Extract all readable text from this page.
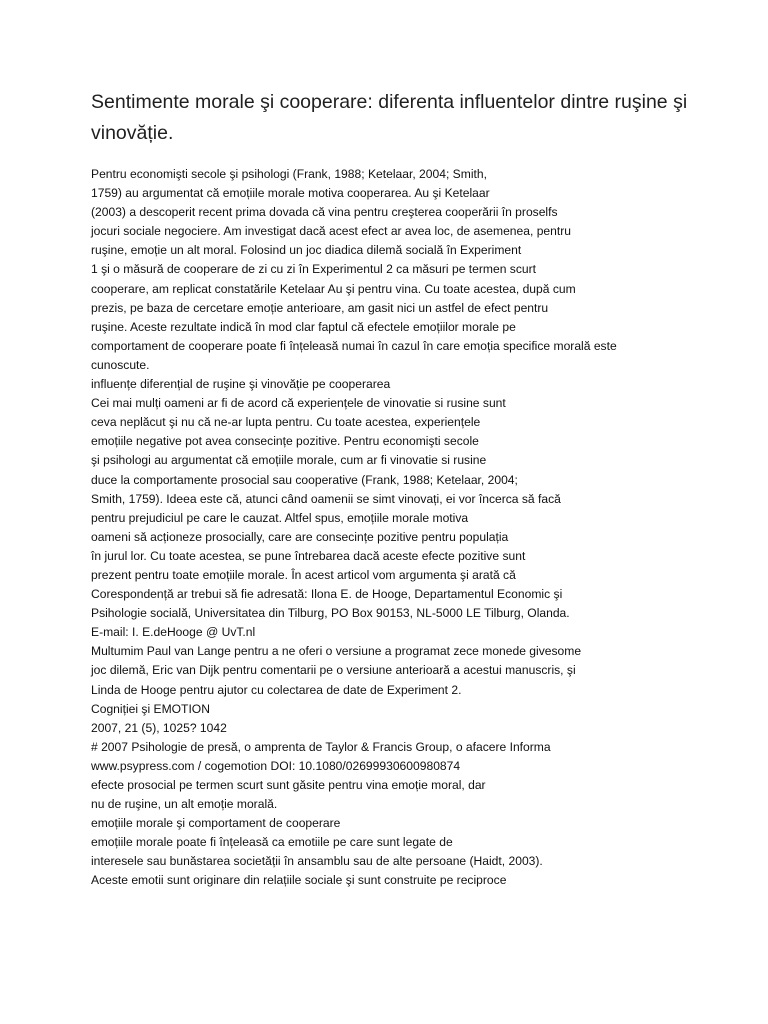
Sentimente morale şi cooperare: diferenta influentelor dintre ruşine şi vinovăție.
Pentru economişti secole şi psihologi (Frank, 1988; Ketelaar, 2004; Smith,
1759) au argumentat că emoțiile morale motiva cooperarea. Au şi Ketelaar
(2003) a descoperit recent prima dovada că vina pentru creşterea cooperării în proselfs
jocuri sociale negociere. Am investigat dacă acest efect ar avea loc, de asemenea, pentru
ruşine, emoție un alt moral. Folosind un joc diadica dilemă socială în Experiment
1 şi o măsură de cooperare de zi cu zi în Experimentul 2 ca măsuri pe termen scurt
cooperare, am replicat constatările Ketelaar Au şi pentru vina. Cu toate acestea, după cum
prezis, pe baza de cercetare emoție anterioare, am gasit nici un astfel de efect pentru
ruşine. Aceste rezultate indică în mod clar faptul că efectele emoțiilor morale pe
comportament de cooperare poate fi înțeleasă numai în cazul în care emoția specifice morală este
cunoscute.
influențe diferențial de ruşine şi vinovăție pe cooperarea
Cei mai mulți oameni ar fi de acord că experiențele de vinovatie si rusine sunt
ceva neplăcut şi nu că ne-ar lupta pentru. Cu toate acestea, experiențele
emoțiile negative pot avea consecințe pozitive. Pentru economişti secole
şi psihologi au argumentat că emoțiile morale, cum ar fi vinovatie si rusine
duce la comportamente prosocial sau cooperative (Frank, 1988; Ketelaar, 2004;
Smith, 1759). Ideea este că, atunci când oamenii se simt vinovați, ei vor încerca să facă
pentru prejudiciul pe care le cauzat. Altfel spus, emoțiile morale motiva
oameni să acționeze prosocially, care are consecințe pozitive pentru populația
în jurul lor. Cu toate acestea, se pune întrebarea dacă aceste efecte pozitive sunt
prezent pentru toate emoțiile morale. În acest articol vom argumenta şi arată că
Corespondență ar trebui să fie adresată: Ilona E. de Hooge, Departamentul Economic şi
Psihologie socială, Universitatea din Tilburg, PO Box 90153, NL-5000 LE Tilburg, Olanda.
E-mail: I. E.deHooge @ UvT.nl
Multumim Paul van Lange pentru a ne oferi o versiune a programat zece monede givesome
joc dilemă, Eric van Dijk pentru comentarii pe o versiune anterioară a acestui manuscris, şi
Linda de Hooge pentru ajutor cu colectarea de date de Experiment 2.
Cogniției şi EMOTION
2007, 21 (5), 1025? 1042
# 2007 Psihologie de presă, o amprenta de Taylor & Francis Group, o afacere Informa
www.psypress.com / cogemotion DOI: 10.1080/02699930600980874
efecte prosocial pe termen scurt sunt găsite pentru vina emoție moral, dar
nu de ruşine, un alt emoție morală.
emoțiile morale şi comportament de cooperare
emoțiile morale poate fi înțeleasă ca emotiile pe care sunt legate de
interesele sau bunăstarea societății în ansamblu sau de alte persoane (Haidt, 2003).
Aceste emotii sunt originare din relațiile sociale şi sunt construite pe reciproce
